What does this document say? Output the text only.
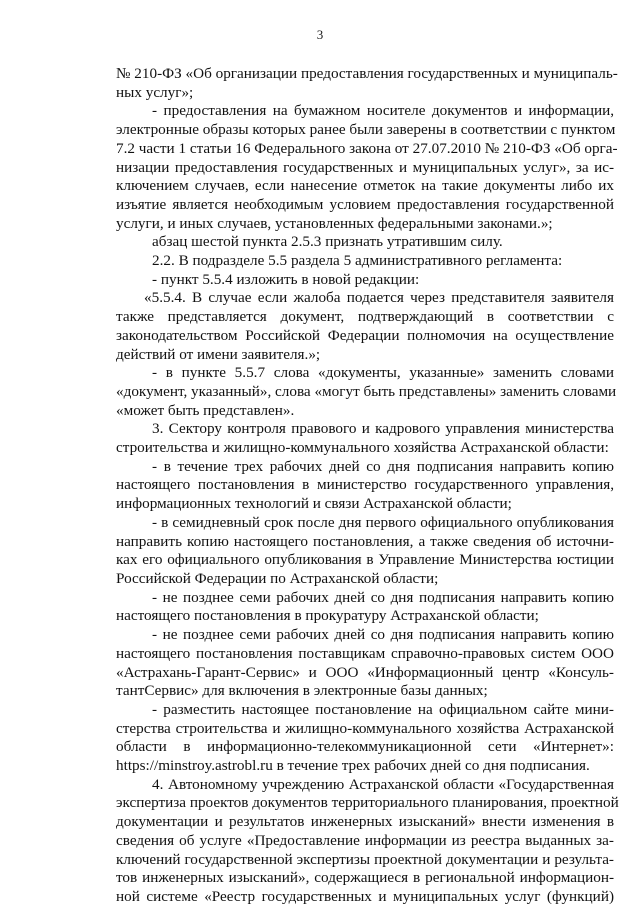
3
№ 210-ФЗ «Об организации предоставления государственных и муниципаль-
ных услуг»;
- предоставления на бумажном носителе документов и информации,
электронные образы которых ранее были заверены в соответствии с пунктом
7.2 части 1 статьи 16 Федерального закона от 27.07.2010 № 210-ФЗ «Об орга-
низации предоставления государственных и муниципальных услуг», за ис-
ключением случаев, если нанесение отметок на такие документы либо их
изъятие является необходимым условием предоставления государственной
услуги, и иных случаев, установленных федеральными законами.»;
абзац шестой пункта 2.5.3 признать утратившим силу.
2.2. В подразделе 5.5 раздела 5 административного регламента:
- пункт 5.5.4 изложить в новой редакции:
«5.5.4. В случае если жалоба подается через представителя заявителя
также представляется документ, подтверждающий в соответствии с
законодательством Российской Федерации полномочия на осуществление
действий от имени заявителя.»;
- в пункте 5.5.7 слова «документы, указанные» заменить словами
«документ, указанный», слова «могут быть представлены» заменить словами
«может быть представлен».
3. Сектору контроля правового и кадрового управления министерства
строительства и жилищно-коммунального хозяйства Астраханской области:
- в течение трех рабочих дней со дня подписания направить копию
настоящего постановления в министерство государственного управления,
информационных технологий и связи Астраханской области;
- в семидневный срок после дня первого официального опубликования
направить копию настоящего постановления, а также сведения об источни-
ках его официального опубликования в Управление Министерства юстиции
Российской Федерации по Астраханской области;
- не позднее семи рабочих дней со дня подписания направить копию
настоящего постановления в прокуратуру Астраханской области;
- не позднее семи рабочих дней со дня подписания направить копию
настоящего постановления поставщикам справочно-правовых систем ООО
«Астрахань-Гарант-Сервис» и ООО «Информационный центр «Консуль-
тантСервис» для включения в электронные базы данных;
- разместить настоящее постановление на официальном сайте мини-
стерства строительства и жилищно-коммунального хозяйства Астраханской
области в информационно-телекоммуникационной сети «Интернет»:
https://minstroy.astrobl.ru в течение трех рабочих дней со дня подписания.
4. Автономному учреждению Астраханской области «Государственная
экспертиза проектов документов территориального планирования, проектной
документации и результатов инженерных изысканий» внести изменения в
сведения об услуге «Предоставление информации из реестра выданных за-
ключений государственной экспертизы проектной документации и результа-
тов инженерных изысканий», содержащиеся в региональной информацион-
ной системе «Реестр государственных и муниципальных услуг (функций)
